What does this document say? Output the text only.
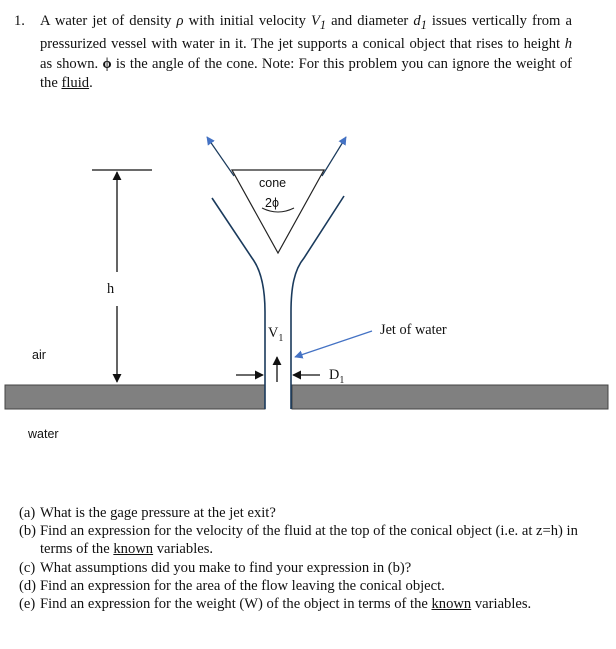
1. A water jet of density ρ with initial velocity $V_1$ and diameter $d_1$ issues vertically from a pressurized vessel with water in it. The jet supports a conical object that rises to height h as shown. ϕ is the angle of the cone. Note: For this problem you can ignore the weight of the fluid.
cone
2ϕ
h
air
water
$V_1$
$D_1$
Jet of water
(a) What is the gage pressure at the jet exit?
(b) Find an expression for the velocity of the fluid at the top of the conical object (i.e. at z=h) in terms of the known variables.
(c) What assumptions did you make to find your expression in (b)?
(d) Find an expression for the area of the flow leaving the conical object.
(e) Find an expression for the weight (W) of the object in terms of the known variables.
